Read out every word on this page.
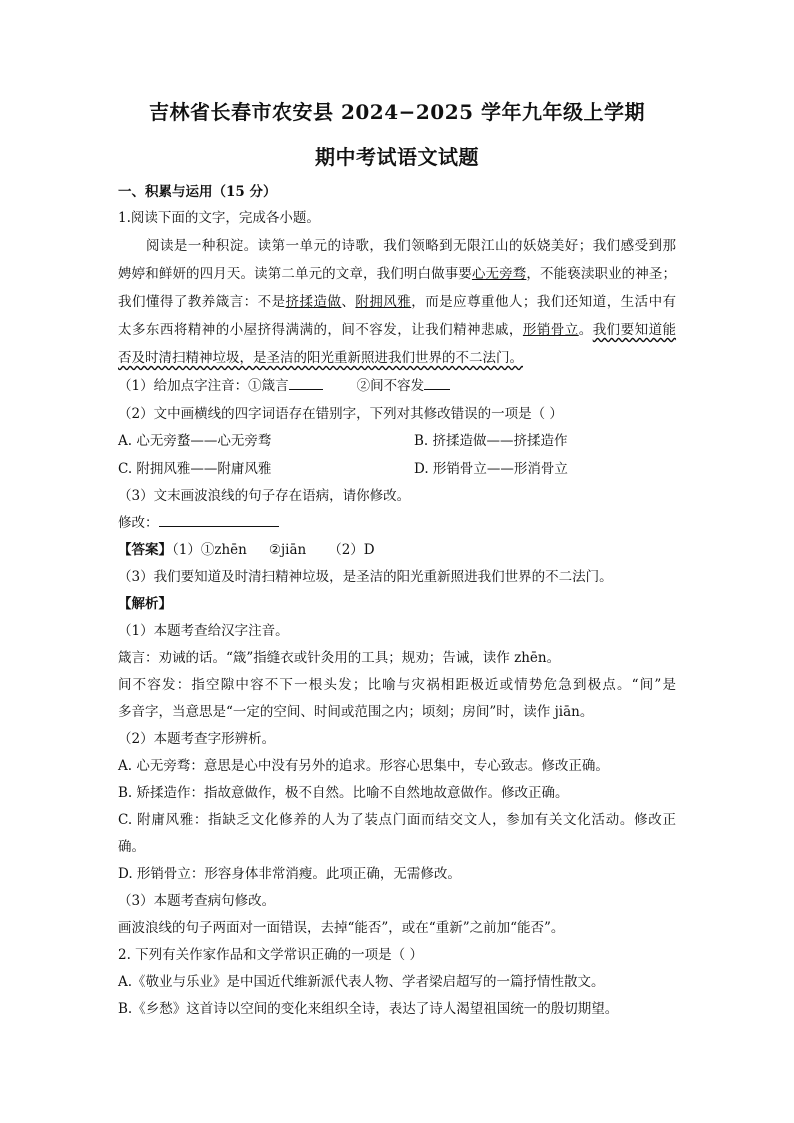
吉林省长春市农安县 2024−2025 学年九年级上学期
期中考试语文试题
一、积累与运用（15 分）
1.阅读下面的文字，完成各小题。
阅读是一种积淀。读第一单元的诗歌，我们领略到无限江山的妖娆美好；我们感受到那
娉婷和鲜妍的四月天。读第二单元的文章，我们明白做事要心无旁骛，不能亵渎职业的神圣；
我们懂得了教养箴言：不是挤揉造做、附拥风雅，而是应尊重他人；我们还知道，生活中有
太多东西将精神的小屋挤得满满的，间不容发，让我们精神悲戚，形销骨立。我们要知道能
否及时清扫精神垃圾，是圣洁的阳光重新照进我们世界的不二法门。
（1）给加点字注音：①箴言	②间不容发
（2）文中画横线的四字词语存在错别字，下列对其修改错误的一项是（ ）
A. 心无旁蝥——心无旁骛	B. 挤揉造做——挤揉造作
C. 附拥风雅——附庸风雅	D. 形销骨立——形消骨立
（3）文末画波浪线的句子存在语病，请你修改。
修改：
【答案】（1）①zhēn ②jiān （2）D
（3）我们要知道及时清扫精神垃圾，是圣洁的阳光重新照进我们世界的不二法门。
【解析】
（1）本题考查给汉字注音。
箴言：劝诫的话。“箴”指缝衣或针灸用的工具；规劝；告诫，读作 zhēn。
间不容发：指空隙中容不下一根头发；比喻与灾祸相距极近或情势危急到极点。“间”是
多音字，当意思是“一定的空间、时间或范围之内；顷刻；房间”时，读作 jiān。
（2）本题考查字形辨析。
A. 心无旁骛：意思是心中没有另外的追求。形容心思集中，专心致志。修改正确。
B. 矫揉造作：指故意做作，极不自然。比喻不自然地故意做作。修改正确。
C. 附庸风雅：指缺乏文化修养的人为了装点门面而结交文人，参加有关文化活动。修改正
确。
D. 形销骨立：形容身体非常消瘦。此项正确，无需修改。
（3）本题考查病句修改。
画波浪线的句子两面对一面错误，去掉“能否”，或在“重新”之前加“能否”。
2. 下列有关作家作品和文学常识正确的一项是（ ）
A.《敬业与乐业》是中国近代维新派代表人物、学者梁启超写的一篇抒情性散文。
B.《乡愁》这首诗以空间的变化来组织全诗，表达了诗人渴望祖国统一的殷切期望。
